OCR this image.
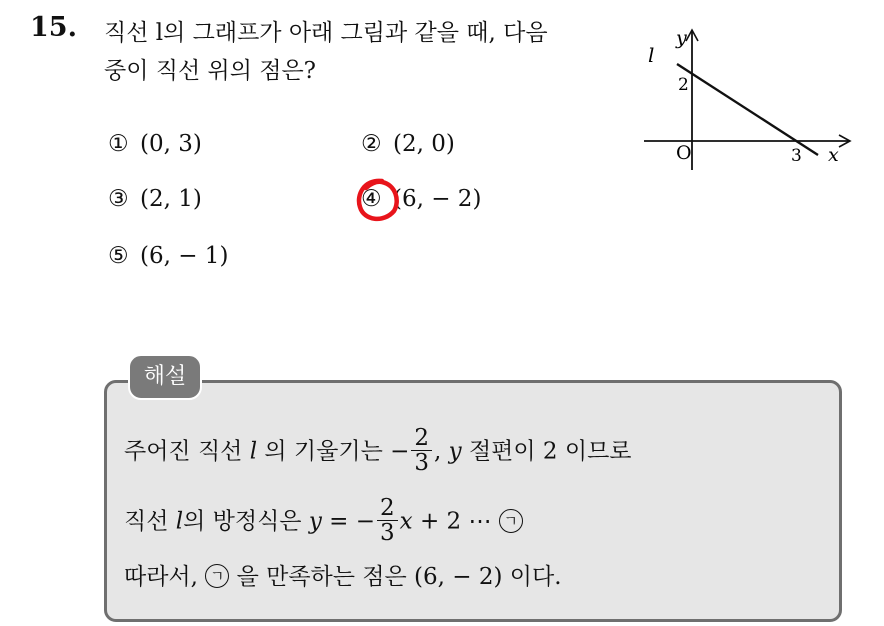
15. 직선 l의 그래프가 아래 그림과 같을 때, 다음
중이 직선 위의 점은?
① (0, 3)	② (2, 0)
③ (2, 1)	④ (6, − 2)
⑤ (6, − 1)
l
y
x
O
2
3
해설
주어진 직선 l 의 기울기는 − $\frac{2}{3}$ , y 절편이 2 이므로
직선 l의 방정식은 y = − $\frac{2}{3}$ x + 2 ⋯ ㄱ
따라서, ㄱ 을 만족하는 점은 (6, − 2) 이다.
